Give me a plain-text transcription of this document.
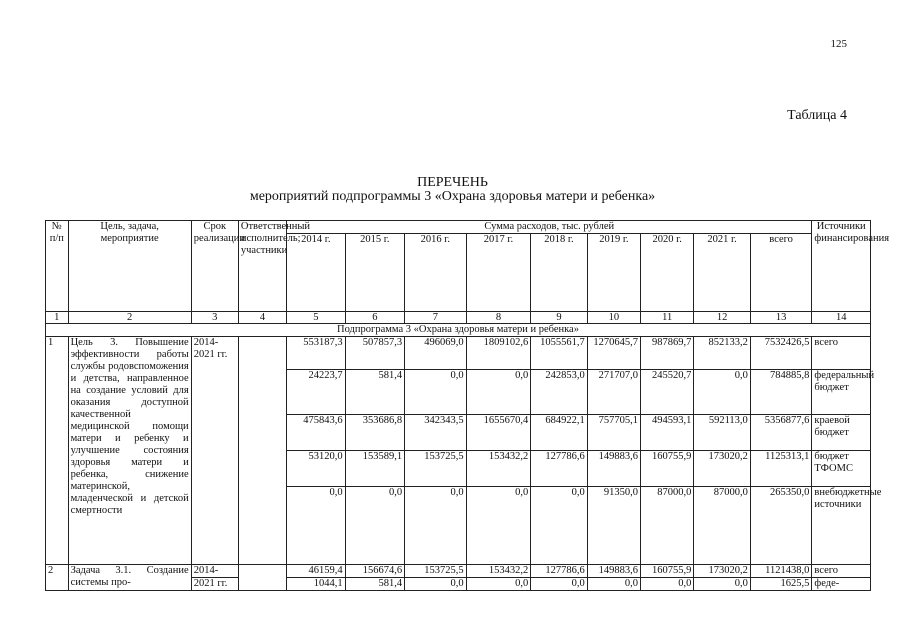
125
Таблица 4
ПЕРЕЧЕНЬ
мероприятий подпрограммы 3 «Охрана здоровья матери и ребенка»
№ п/п	Цель, задача, мероприятие	Срок реализации	Ответственный исполнитель; участники	Сумма расходов, тыс. рублей									Источники финансирования
				2014 г.	2015 г.	2016 г.	2017 г.	2018 г.	2019 г.	2020 г.	2021 г.	всего	
1	2	3	4	5	6	7	8	9	10	11	12	13	14
Подпрограмма 3 «Охрана здоровья матери и ребенка»													
1	Цель 3. Повышение эффективности работы службы родовспоможения и детства, направленное на создание условий для оказания доступной качественной медицинской помощи матери и ребенку и улучшение состояния здоровья матери и ребенка, снижение материнской, младенческой и детской смертности	2014-2021 гг.		553187,3	507857,3	496069,0	1809102,6	1055561,7	1270645,7	987869,7	852133,2	7532426,5	всего
				24223,7	581,4	0,0	0,0	242853,0	271707,0	245520,7	0,0	784885,8	федеральный бюджет
				475843,6	353686,8	342343,5	1655670,4	684922,1	757705,1	494593,1	592113,0	5356877,6	краевой бюджет
				53120,0	153589,1	153725,5	153432,2	127786,6	149883,6	160755,9	173020,2	1125313,1	бюджет ТФОМС
				0,0	0,0	0,0	0,0	0,0	91350,0	87000,0	87000,0	265350,0	внебюджетные источники
2	Задача 3.1. Создание системы про-	2014-		46159,4	156674,6	153725,5	153432,2	127786,6	149883,6	160755,9	173020,2	1121438,0	всего
		2021 гг.		1044,1	581,4	0,0	0,0	0,0	0,0	0,0	0,0	1625,5	феде-
